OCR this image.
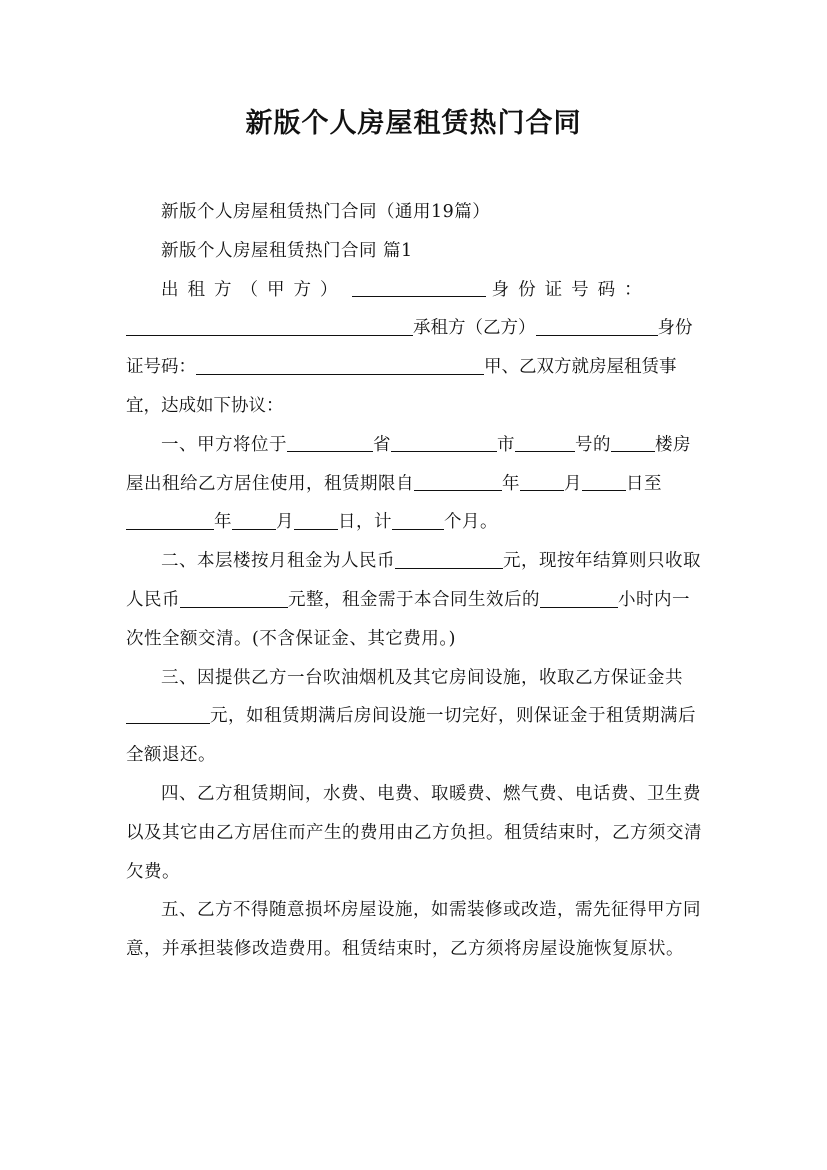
新版个人房屋租赁热门合同

新版个人房屋租赁热门合同（通用19篇）

新版个人房屋租赁热门合同 篇1

出租方（甲方）	身份证号码：承租方（乙方）	身份证号码：	甲、乙双方就房屋租赁事宜，达成如下协议：

一、甲方将位于	省	市	号的	楼房屋出租给乙方居住使用，租赁期限自	年	月	日至年	月	日，计	个月。

二、本层楼按月租金为人民币	元，现按年结算则只收取人民币	元整，租金需于本合同生效后的	小时内一次性全额交清。(不含保证金、其它费用。)

三、因提供乙方一台吹油烟机及其它房间设施，收取乙方保证金共元，如租赁期满后房间设施一切完好，则保证金于租赁期满后全额退还。

四、乙方租赁期间，水费、电费、取暖费、燃气费、电话费、卫生费以及其它由乙方居住而产生的费用由乙方负担。租赁结束时，乙方须交清欠费。

五、乙方不得随意损坏房屋设施，如需装修或改造，需先征得甲方同意，并承担装修改造费用。租赁结束时，乙方须将房屋设施恢复原状。
